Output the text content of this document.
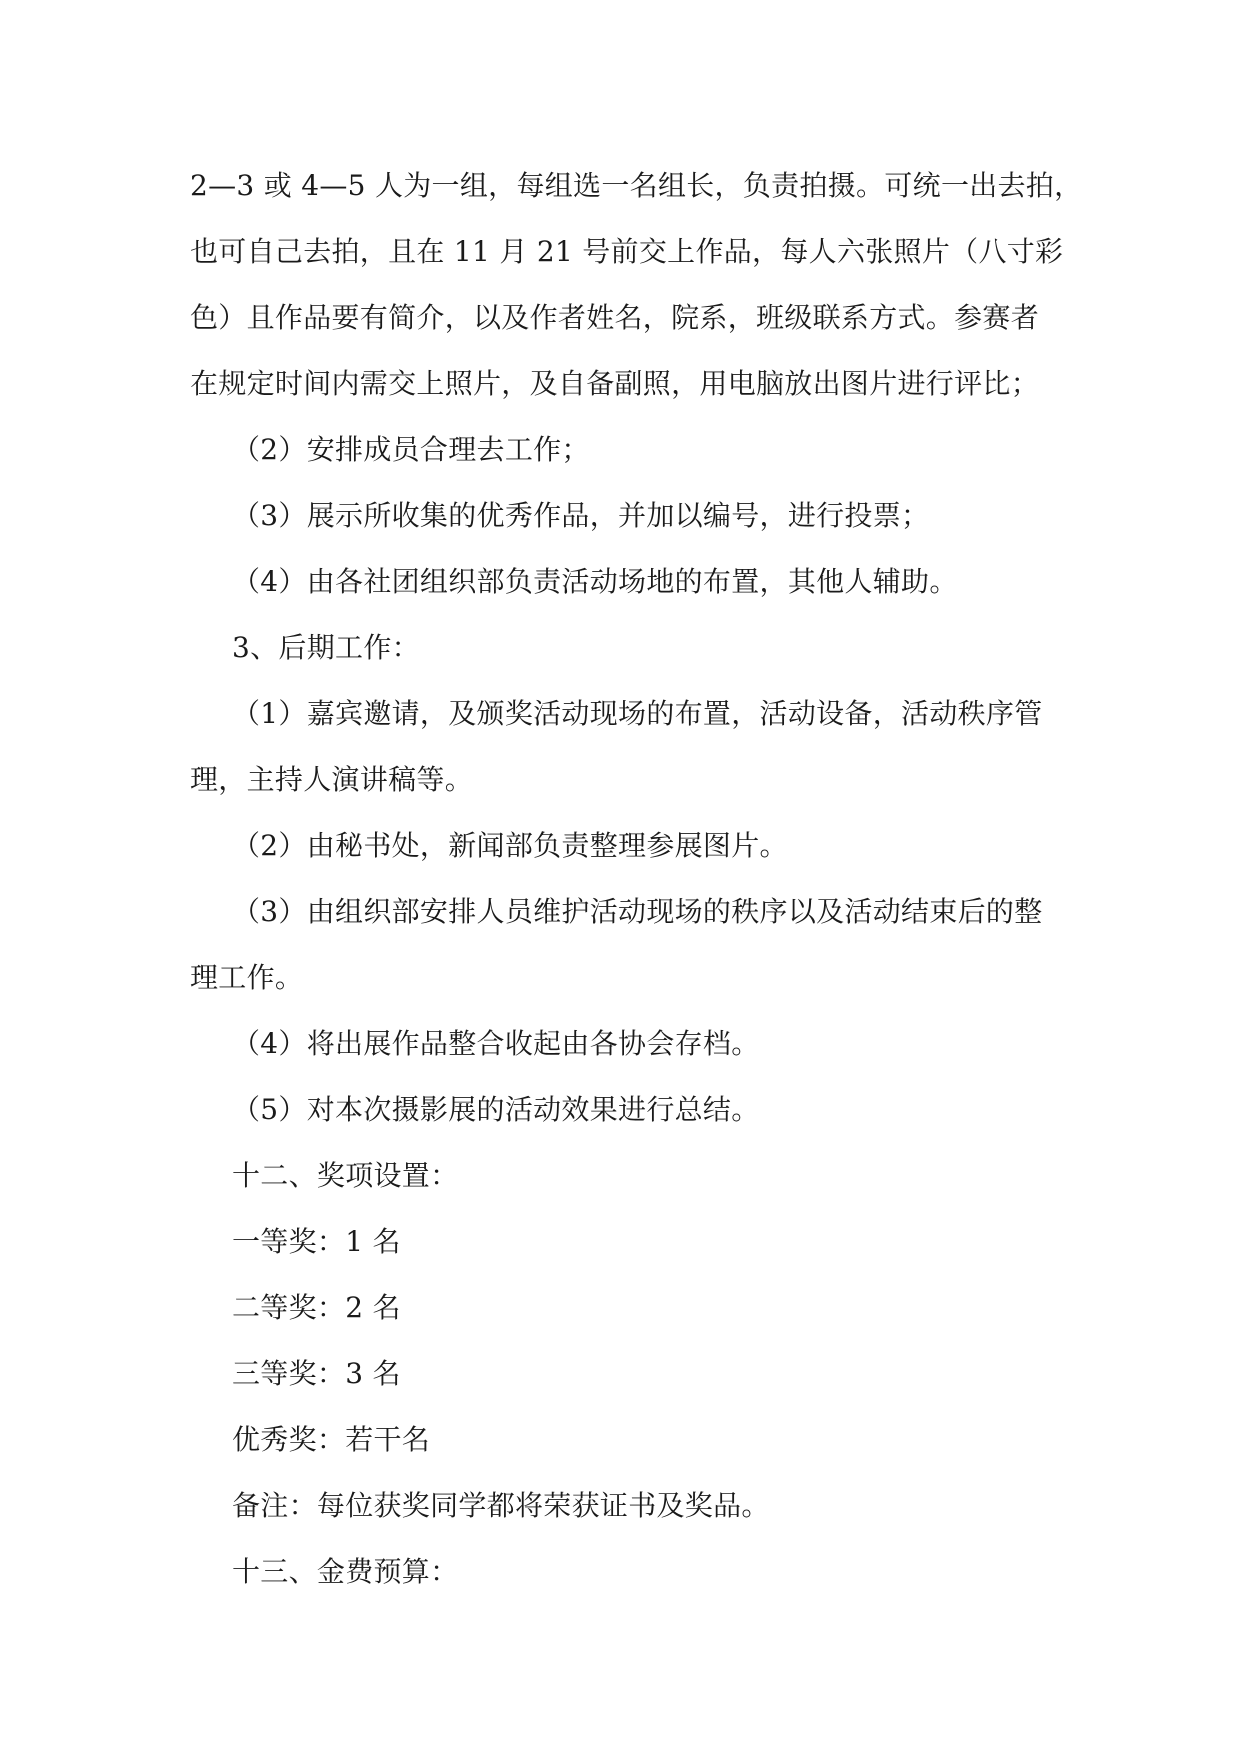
2—3 或 4—5 人为一组，每组选一名组长，负责拍摄。可统一出去拍，
也可自己去拍，且在 11 月 21 号前交上作品，每人六张照片（八寸彩
色）且作品要有简介，以及作者姓名，院系，班级联系方式。参赛者
在规定时间内需交上照片，及自备副照，用电脑放出图片进行评比；
（2）安排成员合理去工作；
（3）展示所收集的优秀作品，并加以编号，进行投票；
（4）由各社团组织部负责活动场地的布置，其他人辅助。
3、后期工作：
（1）嘉宾邀请，及颁奖活动现场的布置，活动设备，活动秩序管
理，主持人演讲稿等。
（2）由秘书处，新闻部负责整理参展图片。
（3）由组织部安排人员维护活动现场的秩序以及活动结束后的整
理工作。
（4）将出展作品整合收起由各协会存档。
（5）对本次摄影展的活动效果进行总结。
十二、奖项设置：
一等奖：1 名
二等奖：2 名
三等奖：3 名
优秀奖：若干名
备注：每位获奖同学都将荣获证书及奖品。
十三、金费预算：
